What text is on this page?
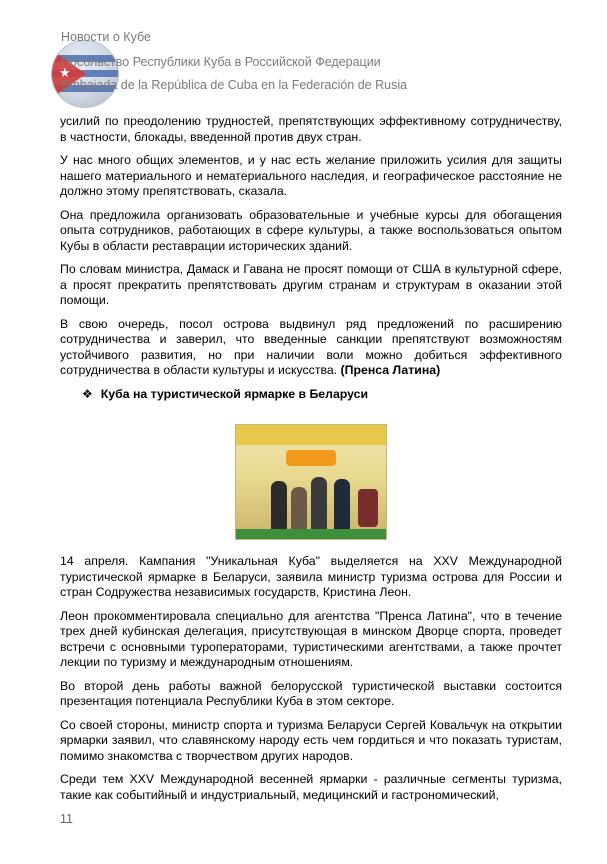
★
Новости о Кубе
Посольство Республики Куба в Российской Федерации
Embajada de la República de Cuba en la Federación de Rusia

усилий по преодолению трудностей, препятствующих эффективному сотрудничеству, в частности, блокады, введенной против двух стран.

У нас много общих элементов, и у нас есть желание приложить усилия для защиты нашего материального и нематериального наследия, и географическое расстояние не должно этому препятствовать, сказала.

Она предложила организовать образовательные и учебные курсы для обогащения опыта сотрудников, работающих в сфере культуры, а также воспользоваться опытом Кубы в области реставрации исторических зданий.

По словам министра, Дамаск и Гавана не просят помощи от США в культурной сфере, а просят прекратить препятствовать другим странам и структурам в оказании этой помощи.

В свою очередь, посол острова выдвинул ряд предложений по расширению сотрудничества и заверил, что введенные санкции препятствуют возможностям устойчивого развития, но при наличии воли можно добиться эффективного сотрудничества в области культуры и искусства. (Пренса Латина)

❖ Куба на туристической ярмарке в Беларуси

14 апреля. Кампания "Уникальная Куба" выделяется на XXV Международной туристической ярмарке в Беларуси, заявила министр туризма острова для России и стран Содружества независимых государств, Кристина Леон.

Леон прокомментировала специально для агентства "Пренса Латина", что в течение трех дней кубинская делегация, присутствующая в минском Дворце спорта, проведет встречи с основными туроператорами, туристическими агентствами, а также прочтет лекции по туризму и международным отношениям.

Во второй день работы важной белорусской туристической выставки состоится презентация потенциала Республики Куба в этом секторе.

Со своей стороны, министр спорта и туризма Беларуси Сергей Ковальчук на открытии ярмарки заявил, что славянскому народу есть чем гордиться и что показать туристам, помимо знакомства с творчеством других народов.

Среди тем XXV Международной весенней ярмарки - различные сегменты туризма, такие как событийный и индустриальный, медицинский и гастрономический,

11
